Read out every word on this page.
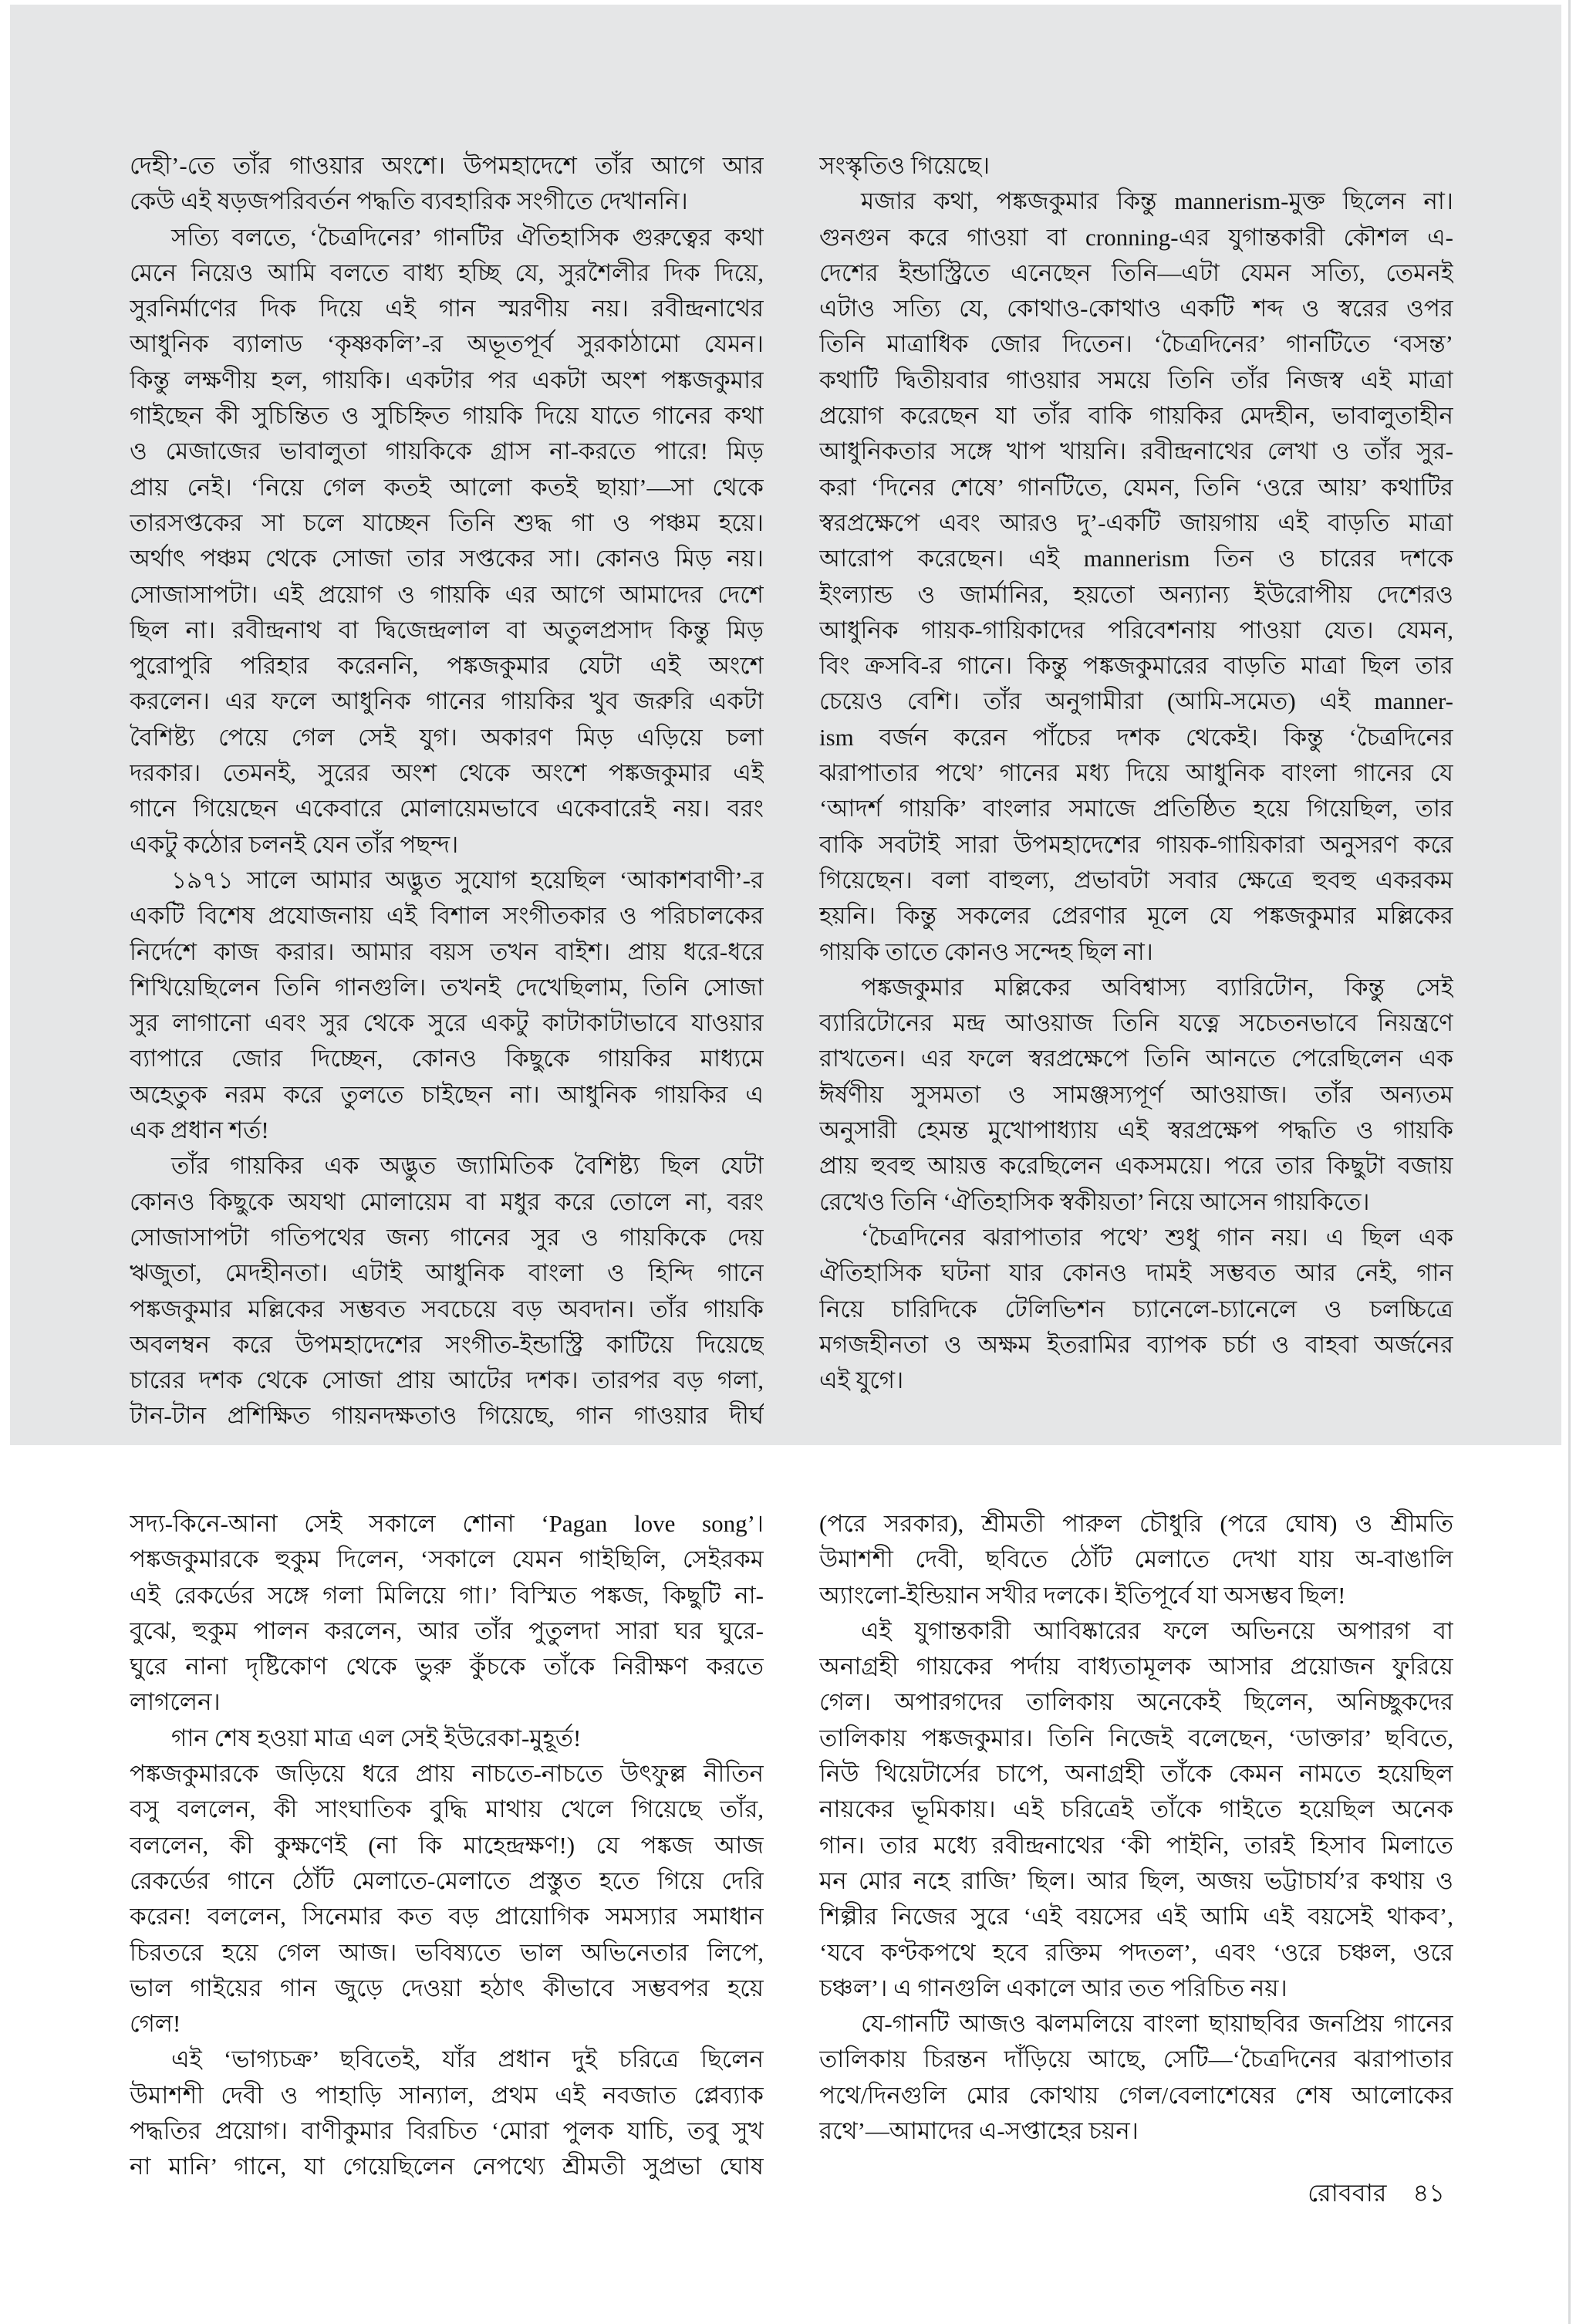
দেহী’-তে তাঁর গাওয়ার অংশে। উপমহাদেশে তাঁর আগে আর
কেউ এই ষড়জপরিবর্তন পদ্ধতি ব্যবহারিক সংগীতে দেখাননি।
সত্যি বলতে, ‘চৈত্রদিনের’ গানটির ঐতিহাসিক গুরুত্বের কথা
মেনে নিয়েও আমি বলতে বাধ্য হচ্ছি যে, সুরশৈলীর দিক দিয়ে,
সুরনির্মাণের দিক দিয়ে এই গান স্মরণীয় নয়। রবীন্দ্রনাথের
আধুনিক ব্যালাড ‘কৃষ্ণকলি’-র অভূতপূর্ব সুরকাঠামো যেমন।
কিন্তু লক্ষণীয় হল, গায়কি। একটার পর একটা অংশ পঙ্কজকুমার
গাইছেন কী সুচিন্তিত ও সুচিহ্নিত গায়কি দিয়ে যাতে গানের কথা
ও মেজাজের ভাবালুতা গায়কিকে গ্রাস না-করতে পারে! মিড়
প্রায় নেই। ‘নিয়ে গেল কতই আলো কতই ছায়া’—সা থেকে
তারসপ্তকের সা চলে যাচ্ছেন তিনি শুদ্ধ গা ও পঞ্চম হয়ে।
অর্থাৎ পঞ্চম থেকে সোজা তার সপ্তকের সা। কোনও মিড় নয়।
সোজাসাপটা। এই প্রয়োগ ও গায়কি এর আগে আমাদের দেশে
ছিল না। রবীন্দ্রনাথ বা দ্বিজেন্দ্রলাল বা অতুলপ্রসাদ কিন্তু মিড়
পুরোপুরি পরিহার করেননি, পঙ্কজকুমার যেটা এই অংশে
করলেন। এর ফলে আধুনিক গানের গায়কির খুব জরুরি একটা
বৈশিষ্ট্য পেয়ে গেল সেই যুগ। অকারণ মিড় এড়িয়ে চলা
দরকার। তেমনই, সুরের অংশ থেকে অংশে পঙ্কজকুমার এই
গানে গিয়েছেন একেবারে মোলায়েমভাবে একেবারেই নয়। বরং
একটু কঠোর চলনই যেন তাঁর পছন্দ।
১৯৭১ সালে আমার অদ্ভুত সুযোগ হয়েছিল ‘আকাশবাণী’-র
একটি বিশেষ প্রযোজনায় এই বিশাল সংগীতকার ও পরিচালকের
নির্দেশে কাজ করার। আমার বয়স তখন বাইশ। প্রায় ধরে-ধরে
শিখিয়েছিলেন তিনি গানগুলি। তখনই দেখেছিলাম, তিনি সোজা
সুর লাগানো এবং সুর থেকে সুরে একটু কাটাকাটাভাবে যাওয়ার
ব্যাপারে জোর দিচ্ছেন, কোনও কিছুকে গায়কির মাধ্যমে
অহেতুক নরম করে তুলতে চাইছেন না। আধুনিক গায়কির এ
এক প্রধান শর্ত!
তাঁর গায়কির এক অদ্ভুত জ্যামিতিক বৈশিষ্ট্য ছিল যেটা
কোনও কিছুকে অযথা মোলায়েম বা মধুর করে তোলে না, বরং
সোজাসাপটা গতিপথের জন্য গানের সুর ও গায়কিকে দেয়
ঋজুতা, মেদহীনতা। এটাই আধুনিক বাংলা ও হিন্দি গানে
পঙ্কজকুমার মল্লিকের সম্ভবত সবচেয়ে বড় অবদান। তাঁর গায়কি
অবলম্বন করে উপমহাদেশের সংগীত-ইন্ডাস্ট্রি কাটিয়ে দিয়েছে
চারের দশক থেকে সোজা প্রায় আটের দশক। তারপর বড় গলা,
টান-টান প্রশিক্ষিত গায়নদক্ষতাও গিয়েছে, গান গাওয়ার দীর্ঘ
সংস্কৃতিও গিয়েছে।
মজার কথা, পঙ্কজকুমার কিন্তু mannerism-মুক্ত ছিলেন না।
গুনগুন করে গাওয়া বা cronning-এর যুগান্তকারী কৌশল এ-
দেশের ইন্ডাস্ট্রিতে এনেছেন তিনি—এটা যেমন সত্যি, তেমনই
এটাও সত্যি যে, কোথাও-কোথাও একটি শব্দ ও স্বরের ওপর
তিনি মাত্রাধিক জোর দিতেন। ‘চৈত্রদিনের’ গানটিতে ‘বসন্ত’
কথাটি দ্বিতীয়বার গাওয়ার সময়ে তিনি তাঁর নিজস্ব এই মাত্রা
প্রয়োগ করেছেন যা তাঁর বাকি গায়কির মেদহীন, ভাবালুতাহীন
আধুনিকতার সঙ্গে খাপ খায়নি। রবীন্দ্রনাথের লেখা ও তাঁর সুর-
করা ‘দিনের শেষে’ গানটিতে, যেমন, তিনি ‘ওরে আয়’ কথাটির
স্বরপ্রক্ষেপে এবং আরও দু’-একটি জায়গায় এই বাড়তি মাত্রা
আরোপ করেছেন। এই mannerism তিন ও চারের দশকে
ইংল্যান্ড ও জার্মানির, হয়তো অন্যান্য ইউরোপীয় দেশেরও
আধুনিক গায়ক-গায়িকাদের পরিবেশনায় পাওয়া যেত। যেমন,
বিং ক্রসবি-র গানে। কিন্তু পঙ্কজকুমারের বাড়তি মাত্রা ছিল তার
চেয়েও বেশি। তাঁর অনুগামীরা (আমি-সমেত) এই manner-
ism বর্জন করেন পাঁচের দশক থেকেই। কিন্তু ‘চৈত্রদিনের
ঝরাপাতার পথে’ গানের মধ্য দিয়ে আধুনিক বাংলা গানের যে
‘আদর্শ গায়কি’ বাংলার সমাজে প্রতিষ্ঠিত হয়ে গিয়েছিল, তার
বাকি সবটাই সারা উপমহাদেশের গায়ক-গায়িকারা অনুসরণ করে
গিয়েছেন। বলা বাহুল্য, প্রভাবটা সবার ক্ষেত্রে হুবহু একরকম
হয়নি। কিন্তু সকলের প্রেরণার মূলে যে পঙ্কজকুমার মল্লিকের
গায়কি তাতে কোনও সন্দেহ ছিল না।
পঙ্কজকুমার মল্লিকের অবিশ্বাস্য ব্যারিটোন, কিন্তু সেই
ব্যারিটোনের মন্দ্র আওয়াজ তিনি যত্নে সচেতনভাবে নিয়ন্ত্রণে
রাখতেন। এর ফলে স্বরপ্রক্ষেপে তিনি আনতে পেরেছিলেন এক
ঈর্ষণীয় সুসমতা ও সামঞ্জস্যপূর্ণ আওয়াজ। তাঁর অন্যতম
অনুসারী হেমন্ত মুখোপাধ্যায় এই স্বরপ্রক্ষেপ পদ্ধতি ও গায়কি
প্রায় হুবহু আয়ত্ত করেছিলেন একসময়ে। পরে তার কিছুটা বজায়
রেখেও তিনি ‘ঐতিহাসিক স্বকীয়তা’ নিয়ে আসেন গায়কিতে।
‘চৈত্রদিনের ঝরাপাতার পথে’ শুধু গান নয়। এ ছিল এক
ঐতিহাসিক ঘটনা যার কোনও দামই সম্ভবত আর নেই, গান
নিয়ে চারিদিকে টেলিভিশন চ্যানেলে-চ্যানেলে ও চলচ্চিত্রে
মগজহীনতা ও অক্ষম ইতরামির ব্যাপক চর্চা ও বাহবা অর্জনের
এই যুগে।
সদ্য-কিনে-আনা সেই সকালে শোনা ‘Pagan love song’।
পঙ্কজকুমারকে হুকুম দিলেন, ‘সকালে যেমন গাইছিলি, সেইরকম
এই রেকর্ডের সঙ্গে গলা মিলিয়ে গা।’ বিস্মিত পঙ্কজ, কিছুটি না-
বুঝে, হুকুম পালন করলেন, আর তাঁর পুতুলদা সারা ঘর ঘুরে-
ঘুরে নানা দৃষ্টিকোণ থেকে ভুরু কুঁচকে তাঁকে নিরীক্ষণ করতে
লাগলেন।
গান শেষ হওয়া মাত্র এল সেই ইউরেকা-মুহূর্ত!
পঙ্কজকুমারকে জড়িয়ে ধরে প্রায় নাচতে-নাচতে উৎফুল্ল নীতিন
বসু বললেন, কী সাংঘাতিক বুদ্ধি মাথায় খেলে গিয়েছে তাঁর,
বললেন, কী কুক্ষণেই (না কি মাহেন্দ্রক্ষণ!) যে পঙ্কজ আজ
রেকর্ডের গানে ঠোঁট মেলাতে-মেলাতে প্রস্তুত হতে গিয়ে দেরি
করেন! বললেন, সিনেমার কত বড় প্রায়োগিক সমস্যার সমাধান
চিরতরে হয়ে গেল আজ। ভবিষ্যতে ভাল অভিনেতার লিপে,
ভাল গাইয়ের গান জুড়ে দেওয়া হঠাৎ কীভাবে সম্ভবপর হয়ে
গেল!
এই ‘ভাগ্যচক্র’ ছবিতেই, যাঁর প্রধান দুই চরিত্রে ছিলেন
উমাশশী দেবী ও পাহাড়ি সান্যাল, প্রথম এই নবজাত প্লেব্যাক
পদ্ধতির প্রয়োগ। বাণীকুমার বিরচিত ‘মোরা পুলক যাচি, তবু সুখ
না মানি’ গানে, যা গেয়েছিলেন নেপথ্যে শ্রীমতী সুপ্রভা ঘোষ
(পরে সরকার), শ্রীমতী পারুল চৌধুরি (পরে ঘোষ) ও শ্রীমতি
উমাশশী দেবী, ছবিতে ঠোঁট মেলাতে দেখা যায় অ-বাঙালি
অ্যাংলো-ইন্ডিয়ান সখীর দলকে। ইতিপূর্বে যা অসম্ভব ছিল!
এই যুগান্তকারী আবিষ্কারের ফলে অভিনয়ে অপারগ বা
অনাগ্রহী গায়কের পর্দায় বাধ্যতামূলক আসার প্রয়োজন ফুরিয়ে
গেল। অপারগদের তালিকায় অনেকেই ছিলেন, অনিচ্ছুকদের
তালিকায় পঙ্কজকুমার। তিনি নিজেই বলেছেন, ‘ডাক্তার’ ছবিতে,
নিউ থিয়েটার্সের চাপে, অনাগ্রহী তাঁকে কেমন নামতে হয়েছিল
নায়কের ভূমিকায়। এই চরিত্রেই তাঁকে গাইতে হয়েছিল অনেক
গান। তার মধ্যে রবীন্দ্রনাথের ‘কী পাইনি, তারই হিসাব মিলাতে
মন মোর নহে রাজি’ ছিল। আর ছিল, অজয় ভট্টাচার্য’র কথায় ও
শিল্পীর নিজের সুরে ‘এই বয়সের এই আমি এই বয়সেই থাকব’,
‘যবে কণ্টকপথে হবে রক্তিম পদতল’, এবং ‘ওরে চঞ্চল, ওরে
চঞ্চল’। এ গানগুলি একালে আর তত পরিচিত নয়।
যে-গানটি আজও ঝলমলিয়ে বাংলা ছায়াছবির জনপ্রিয় গানের
তালিকায় চিরন্তন দাঁড়িয়ে আছে, সেটি—‘চৈত্রদিনের ঝরাপাতার
পথে/দিনগুলি মোর কোথায় গেল/বেলাশেষের শেষ আলোকের
রথে’—আমাদের এ-সপ্তাহের চয়ন।
রোববার ৪১
